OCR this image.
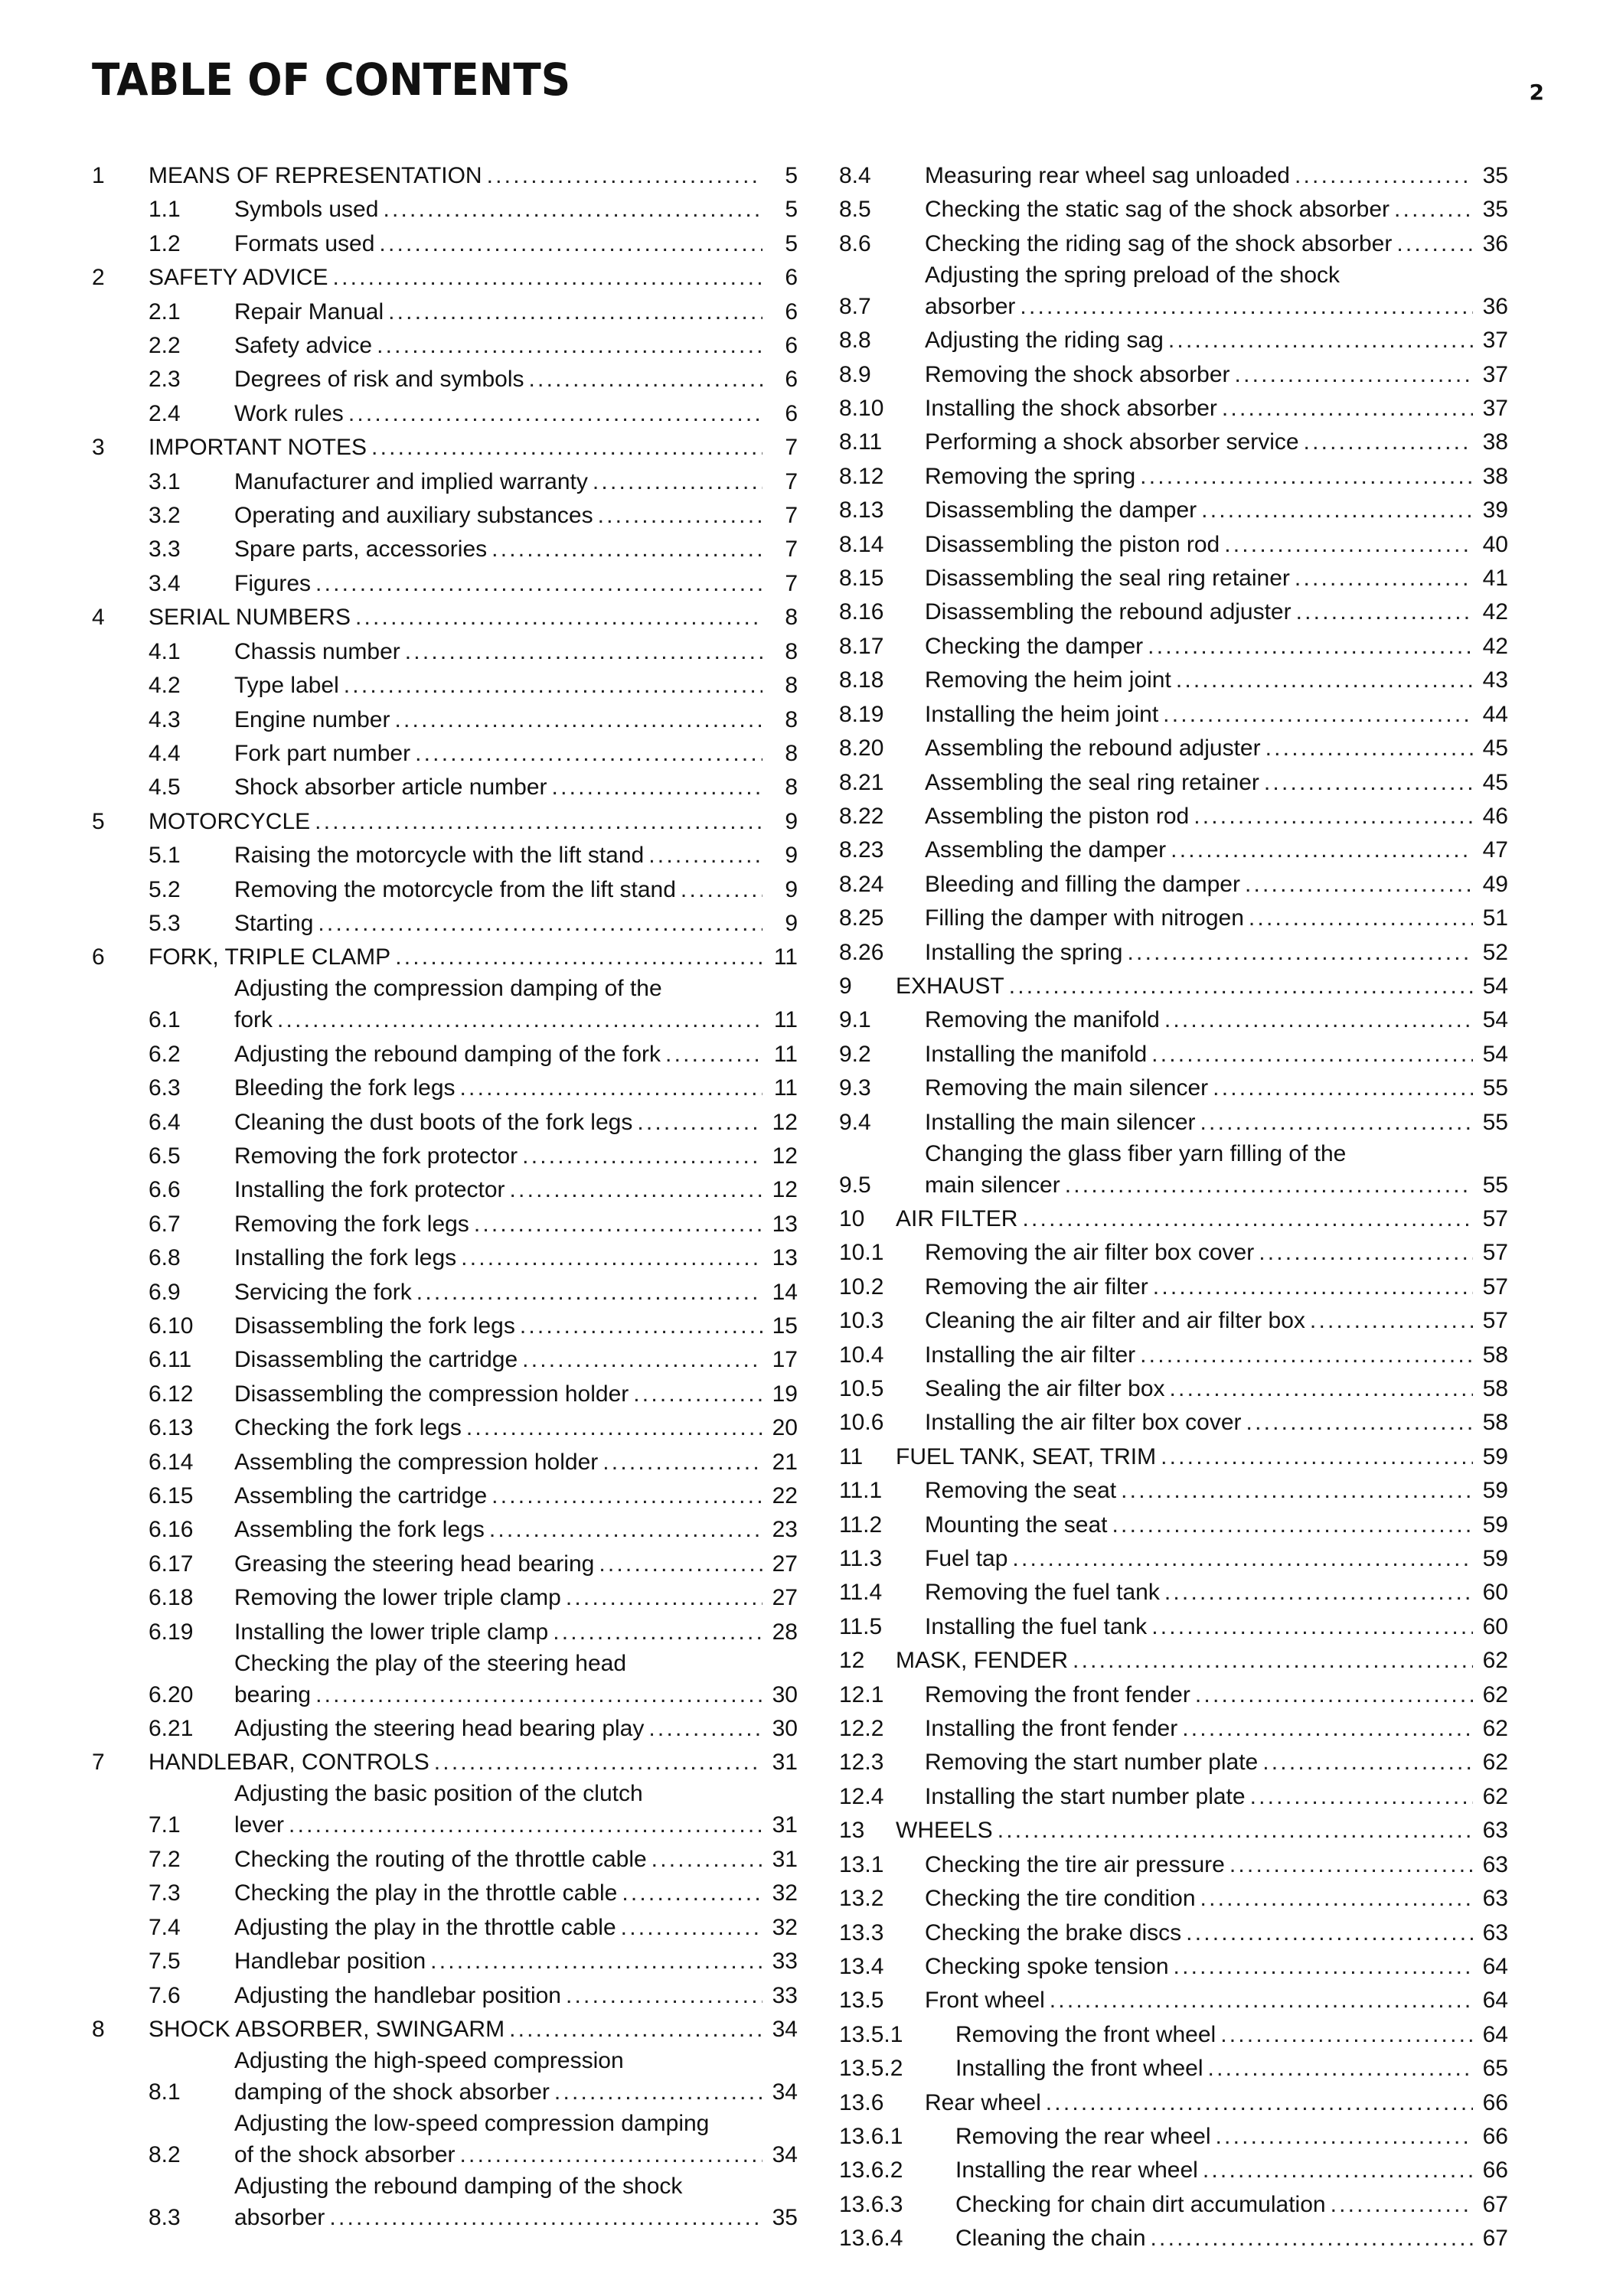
TABLE OF CONTENTS	2
1	MEANS OF REPRESENTATION .....	5
1.1	Symbols used .....	5
1.2	Formats used .....	5
2	SAFETY ADVICE .....	6
2.1	Repair Manual .....	6
2.2	Safety advice .....	6
2.3	Degrees of risk and symbols .....	6
2.4	Work rules .....	6
3	IMPORTANT NOTES .....	7
3.1	Manufacturer and implied warranty .....	7
3.2	Operating and auxiliary substances .....	7
3.3	Spare parts, accessories .....	7
3.4	Figures .....	7
4	SERIAL NUMBERS .....	8
4.1	Chassis number .....	8
4.2	Type label .....	8
4.3	Engine number .....	8
4.4	Fork part number .....	8
4.5	Shock absorber article number .....	8
5	MOTORCYCLE .....	9
5.1	Raising the motorcycle with the lift stand .....	9
5.2	Removing the motorcycle from the lift stand .....	9
5.3	Starting .....	9
6	FORK, TRIPLE CLAMP .....	11
6.1
Adjusting the compression damping of the
fork .....	11
6.2	Adjusting the rebound damping of the fork .....	11
6.3	Bleeding the fork legs .....	11
6.4	Cleaning the dust boots of the fork legs .....	12
6.5	Removing the fork protector .....	12
6.6	Installing the fork protector .....	12
6.7	Removing the fork legs .....	13
6.8	Installing the fork legs .....	13
6.9	Servicing the fork .....	14
6.10	Disassembling the fork legs .....	15
6.11	Disassembling the cartridge .....	17
6.12	Disassembling the compression holder .....	19
6.13	Checking the fork legs .....	20
6.14	Assembling the compression holder .....	21
6.15	Assembling the cartridge .....	22
6.16	Assembling the fork legs .....	23
6.17	Greasing the steering head bearing .....	27
6.18	Removing the lower triple clamp .....	27
6.19	Installing the lower triple clamp .....	28
6.20
Checking the play of the steering head
bearing .....	30
6.21	Adjusting the steering head bearing play .....	30
7	HANDLEBAR, CONTROLS .....	31
7.1
Adjusting the basic position of the clutch
lever .....	31
7.2	Checking the routing of the throttle cable .....	31
7.3	Checking the play in the throttle cable .....	32
7.4	Adjusting the play in the throttle cable .....	32
7.5	Handlebar position .....	33
7.6	Adjusting the handlebar position .....	33
8	SHOCK ABSORBER, SWINGARM .....	34
8.1
Adjusting the high-speed compression
damping of the shock absorber .....	34
8.2
Adjusting the low-speed compression damping
of the shock absorber .....	34
8.3
Adjusting the rebound damping of the shock
absorber .....	35
8.4	Measuring rear wheel sag unloaded .....	35
8.5	Checking the static sag of the shock absorber .....	35
8.6	Checking the riding sag of the shock absorber .....	36
8.7
Adjusting the spring preload of the shock
absorber .....	36
8.8	Adjusting the riding sag .....	37
8.9	Removing the shock absorber .....	37
8.10	Installing the shock absorber .....	37
8.11	Performing a shock absorber service .....	38
8.12	Removing the spring .....	38
8.13	Disassembling the damper .....	39
8.14	Disassembling the piston rod .....	40
8.15	Disassembling the seal ring retainer .....	41
8.16	Disassembling the rebound adjuster .....	42
8.17	Checking the damper .....	42
8.18	Removing the heim joint .....	43
8.19	Installing the heim joint .....	44
8.20	Assembling the rebound adjuster .....	45
8.21	Assembling the seal ring retainer .....	45
8.22	Assembling the piston rod .....	46
8.23	Assembling the damper .....	47
8.24	Bleeding and filling the damper .....	49
8.25	Filling the damper with nitrogen .....	51
8.26	Installing the spring .....	52
9	EXHAUST .....	54
9.1	Removing the manifold .....	54
9.2	Installing the manifold .....	54
9.3	Removing the main silencer .....	55
9.4	Installing the main silencer .....	55
9.5
Changing the glass fiber yarn filling of the
main silencer .....	55
10	AIR FILTER .....	57
10.1	Removing the air filter box cover .....	57
10.2	Removing the air filter .....	57
10.3	Cleaning the air filter and air filter box .....	57
10.4	Installing the air filter .....	58
10.5	Sealing the air filter box .....	58
10.6	Installing the air filter box cover .....	58
11	FUEL TANK, SEAT, TRIM .....	59
11.1	Removing the seat .....	59
11.2	Mounting the seat .....	59
11.3	Fuel tap .....	59
11.4	Removing the fuel tank .....	60
11.5	Installing the fuel tank .....	60
12	MASK, FENDER .....	62
12.1	Removing the front fender .....	62
12.2	Installing the front fender .....	62
12.3	Removing the start number plate .....	62
12.4	Installing the start number plate .....	62
13	WHEELS .....	63
13.1	Checking the tire air pressure .....	63
13.2	Checking the tire condition .....	63
13.3	Checking the brake discs .....	63
13.4	Checking spoke tension .....	64
13.5	Front wheel .....	64
13.5.1	Removing the front wheel .....	64
13.5.2	Installing the front wheel .....	65
13.6	Rear wheel .....	66
13.6.1	Removing the rear wheel .....	66
13.6.2	Installing the rear wheel .....	66
13.6.3	Checking for chain dirt accumulation .....	67
13.6.4	Cleaning the chain .....	67
